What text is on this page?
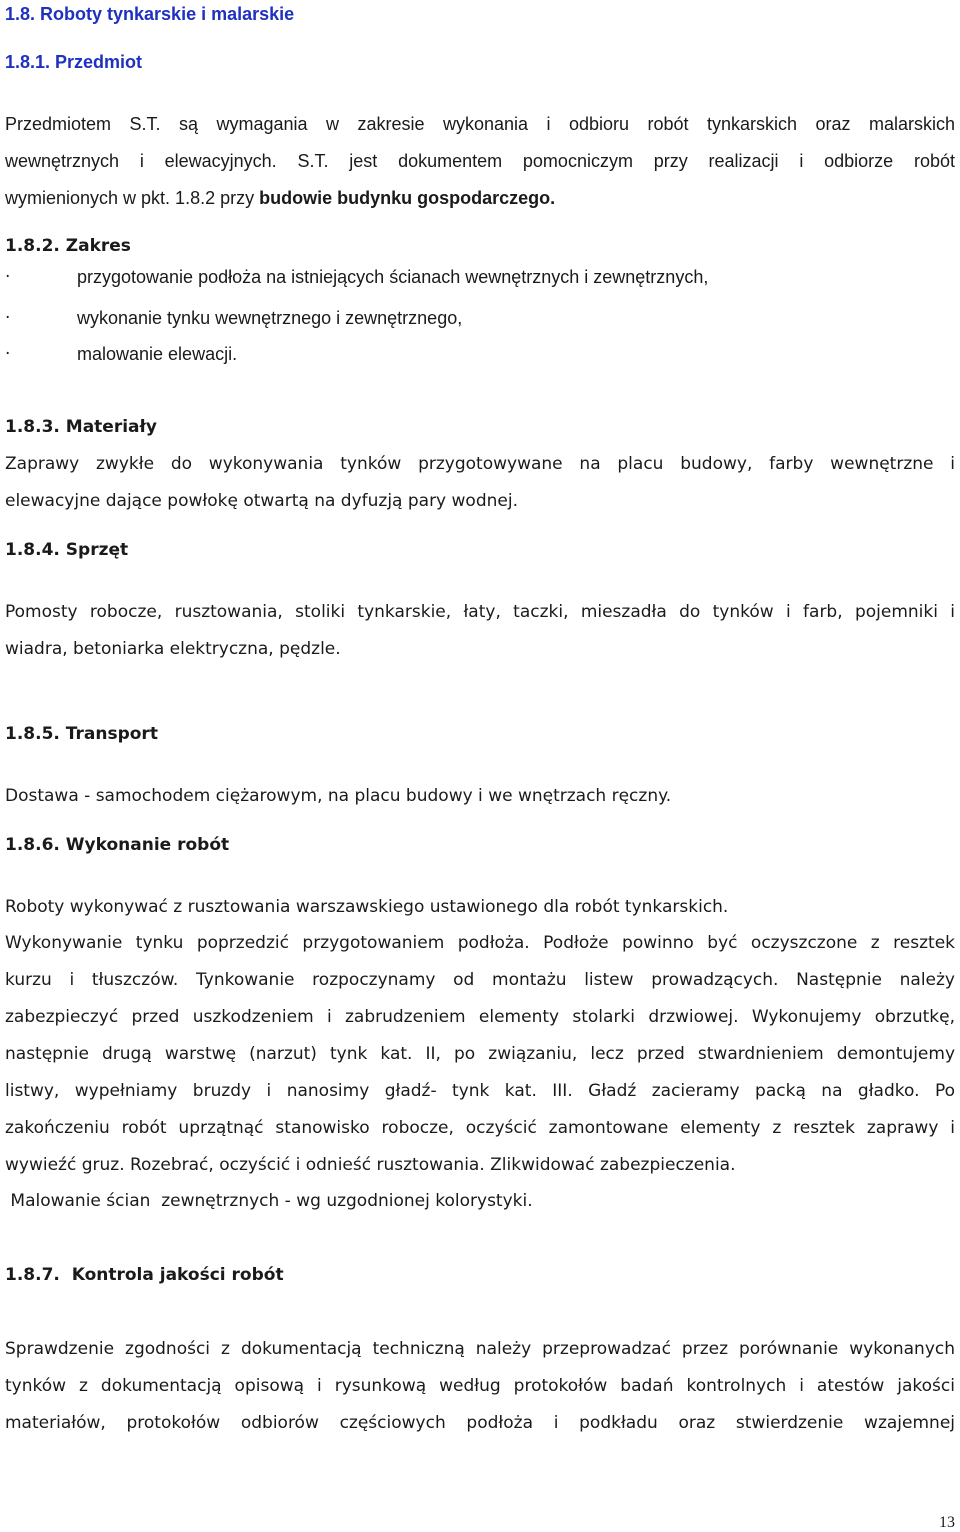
1.8. Roboty tynkarskie i malarskie
1.8.1. Przedmiot
Przedmiotem S.T. są wymagania w zakresie wykonania i odbioru robót tynkarskich oraz malarskich
wewnętrznych i elewacyjnych. S.T. jest dokumentem pomocniczym przy realizacji i odbiorze robót
wymienionych w pkt. 1.8.2 przy budowie budynku gospodarczego.
1.8.2. Zakres
·	przygotowanie podłoża na istniejących ścianach wewnętrznych i zewnętrznych,
·	wykonanie tynku wewnętrznego i zewnętrznego,
·	malowanie elewacji.
1.8.3. Materiały
Zaprawy zwykłe do wykonywania tynków przygotowywane na placu budowy, farby wewnętrzne i
elewacyjne dające powłokę otwartą na dyfuzją pary wodnej.
1.8.4. Sprzęt
Pomosty robocze, rusztowania, stoliki tynkarskie, łaty, taczki, mieszadła do tynków i farb, pojemniki i
wiadra, betoniarka elektryczna, pędzle.
1.8.5. Transport
Dostawa - samochodem ciężarowym, na placu budowy i we wnętrzach ręczny.
1.8.6. Wykonanie robót
Roboty wykonywać z rusztowania warszawskiego ustawionego dla robót tynkarskich.
Wykonywanie tynku poprzedzić przygotowaniem podłoża. Podłoże powinno być oczyszczone z resztek
kurzu i tłuszczów. Tynkowanie rozpoczynamy od montażu listew prowadzących. Następnie należy
zabezpieczyć przed uszkodzeniem i zabrudzeniem elementy stolarki drzwiowej. Wykonujemy obrzutkę,
następnie drugą warstwę (narzut) tynk kat. II, po związaniu, lecz przed stwardnieniem demontujemy
listwy, wypełniamy bruzdy i nanosimy gładź- tynk kat. III. Gładź zacieramy packą na gładko. Po
zakończeniu robót uprzątnąć stanowisko robocze, oczyścić zamontowane elementy z resztek zaprawy i
wywieźć gruz. Rozebrać, oczyścić i odnieść rusztowania. Zlikwidować zabezpieczenia.
Malowanie ścian  zewnętrznych - wg uzgodnionej kolorystyki.
1.8.7.  Kontrola jakości robót
Sprawdzenie zgodności z dokumentacją techniczną należy przeprowadzać przez porównanie wykonanych
tynków z dokumentacją opisową i rysunkową według protokołów badań kontrolnych i atestów jakości
materiałów, protokołów odbiorów częściowych podłoża i podkładu oraz stwierdzenie wzajemnej
13
